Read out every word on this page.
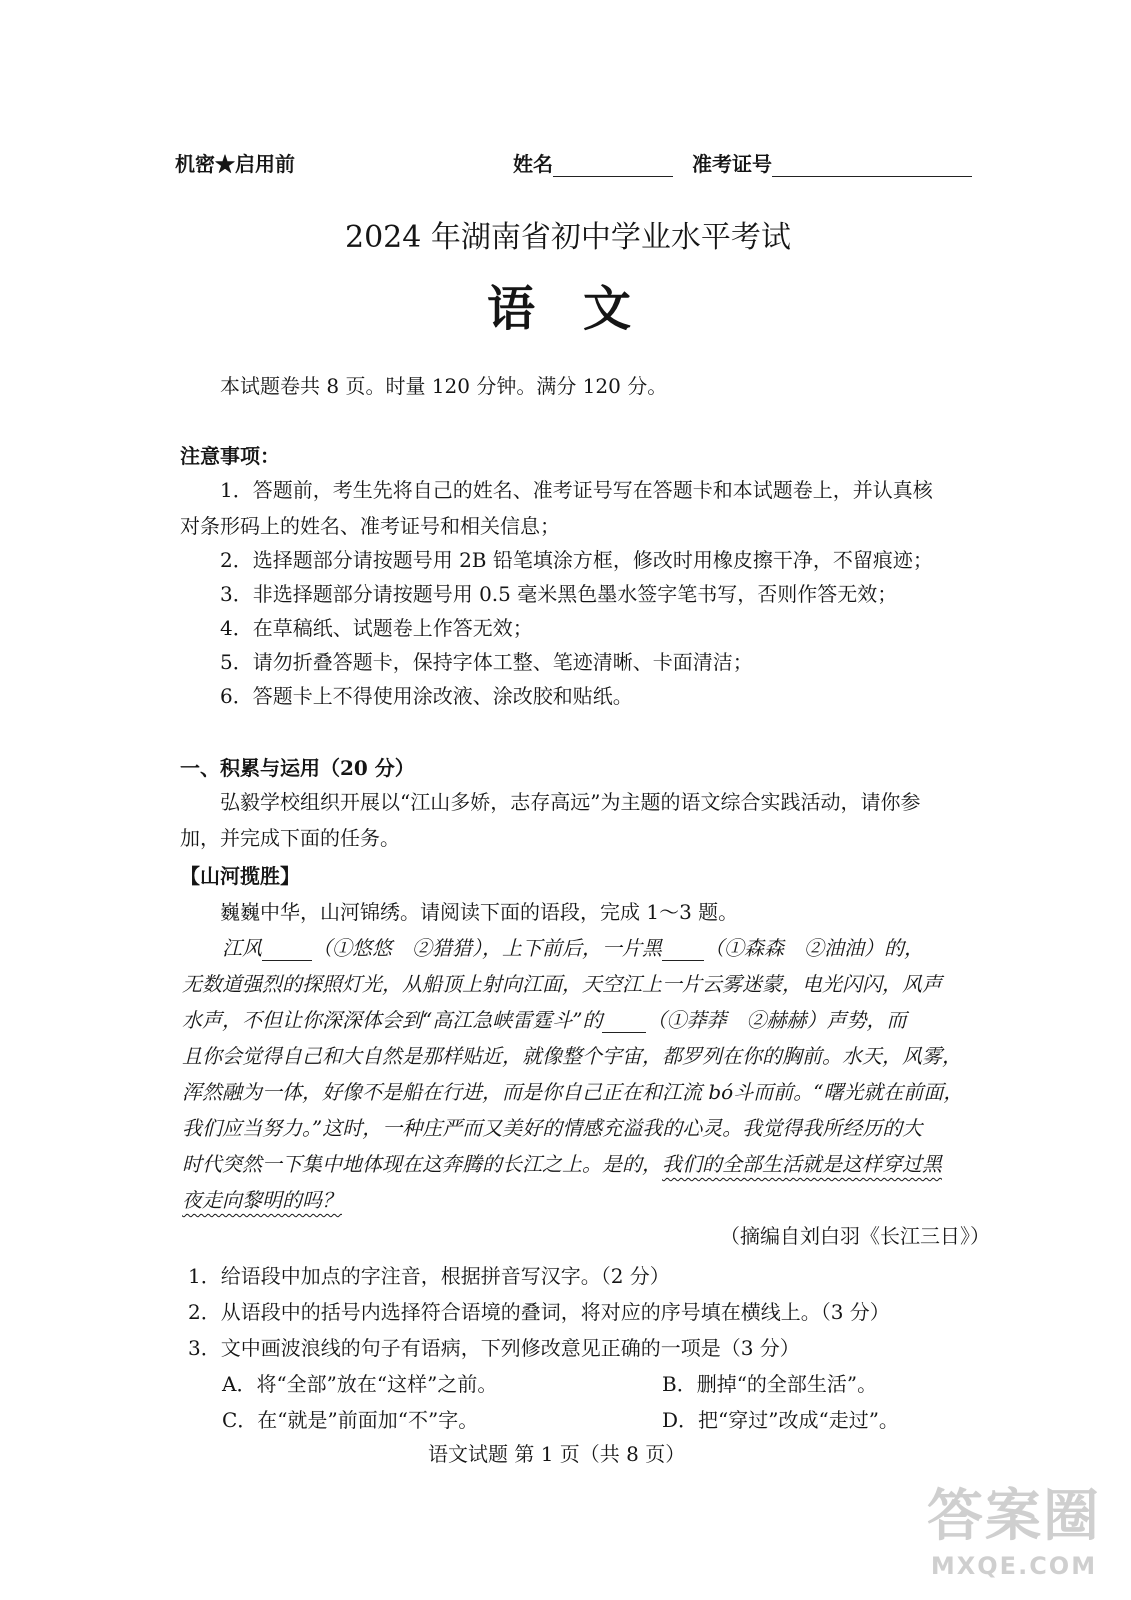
机密★启用前	姓名	准考证号
2024 年湖南省初中学业水平考试
语　文
本试题卷共 8 页。时量 120 分钟。满分 120 分。
注意事项：
1．答题前，考生先将自己的姓名、准考证号写在答题卡和本试题卷上，并认真核
对条形码上的姓名、准考证号和相关信息；
2．选择题部分请按题号用 2B 铅笔填涂方框，修改时用橡皮擦干净，不留痕迹；
3．非选择题部分请按题号用 0.5 毫米黑色墨水签字笔书写，否则作答无效；
4．在草稿纸、试题卷上作答无效；
5．请勿折叠答题卡，保持字体工整、笔迹清晰、卡面清洁；
6．答题卡上不得使用涂改液、涂改胶和贴纸。
一、积累与运用（20 分）
弘毅学校组织开展以“江山多娇，志存高远”为主题的语文综合实践活动，请你参
加，并完成下面的任务。
【山河揽胜】
巍巍中华，山河锦绣。请阅读下面的语段，完成 1～3 题。
江风	（①悠悠　②猎猎），上下前后，一片黑 （①森森　②油油）的，
无数道强烈的探照灯光，从船顶上射向江面，天空江上一片云雾迷蒙，电光闪闪，风声
水声，不但让你深深体会到“高江急峡雷霆斗”的 （①莽莽　②赫赫）声势，而
且你会觉得自己和大自然是那样贴近，就像整个宇宙，都罗列在你的胸前。水天，风雾，
浑然融为一体，好像不是船在行进，而是你自己正在和江流 bó斗而前。“曙光就在前面，
我们应当努力。”这时，一种庄严而又美好的情感充溢我的心灵。我觉得我所经历的大
时代突然一下集中地体现在这奔腾的长江之上。是的，我们的全部生活就是这样穿过黑
夜走向黎明的吗？
（摘编自刘白羽《长江三日》）
1．给语段中加点的字注音，根据拼音写汉字。（2 分）
2．从语段中的括号内选择符合语境的叠词，将对应的序号填在横线上。（3 分）
3．文中画波浪线的句子有语病，下列修改意见正确的一项是（3 分）
A．将“全部”放在“这样”之前。	B．删掉“的全部生活”。
C．在“就是”前面加“不”字。	D．把“穿过”改成“走过”。
语文试题 第 1 页（共 8 页）
答案圈
MXQE.COM
